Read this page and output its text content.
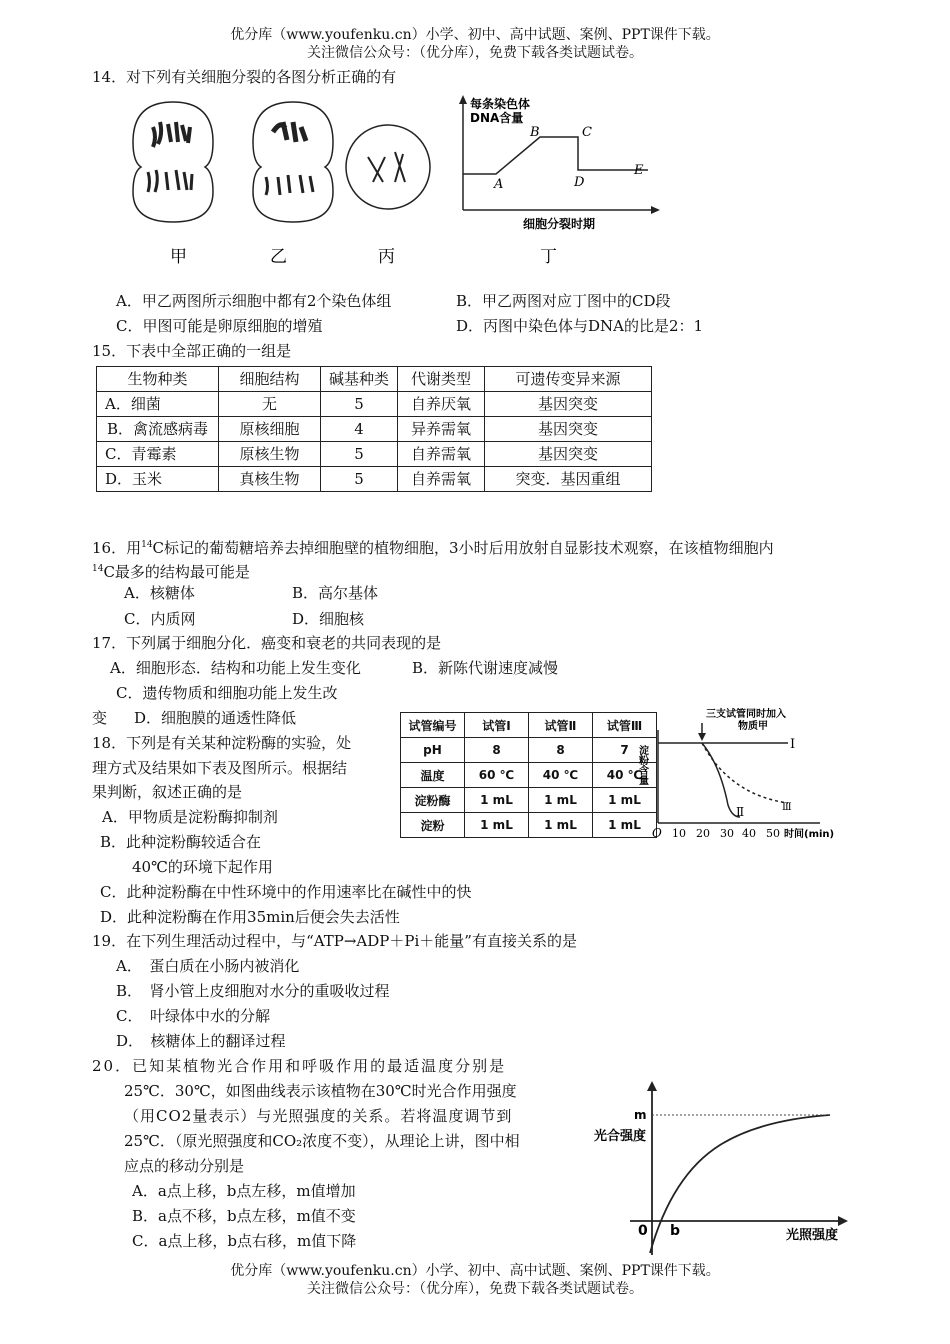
优分库（www.youfenku.cn）小学、初中、高中试题、案例、PPT课件下载。
关注微信公众号：（优分库），免费下载各类试题试卷。
14．对下列有关细胞分裂的各图分析正确的有
甲	乙	丙
每条染色体
DNA含量
细胞分裂时期
A
B	C
D
E
丁
A．甲乙两图所示细胞中都有2个染色体组	B．甲乙两图对应丁图中的CD段
C．甲图可能是卵原细胞的增殖	D．丙图中染色体与DNA的比是2：1
15．下表中全部正确的一组是
生物种类	细胞结构	碱基种类	代谢类型	可遗传变异来源
A．细菌	无	5	自养厌氧	基因突变
B．禽流感病毒	原核细胞	4	异养需氧	基因突变
C．青霉素	原核生物	5	自养需氧	基因突变
D．玉米	真核生物	5	自养需氧	突变．基因重组
16．用$^{14}$C标记的葡萄糖培养去掉细胞壁的植物细胞，3小时后用放射自显影技术观察，在该植物细胞内
$^{14}$C最多的结构最可能是
A．核糖体	B．高尔基体
C．内质网	D．细胞核
17．下列属于细胞分化．癌变和衰老的共同表现的是
A．细胞形态．结构和功能上发生变化	B．新陈代谢速度减慢
C．遗传物质和细胞功能上发生改
变 D．细胞膜的通透性降低
18．下列是有关某种淀粉酶的实验，处
理方式及结果如下表及图所示。根据结
果判断，叙述正确的是
A．甲物质是淀粉酶抑制剂
B．此种淀粉酶较适合在
40℃的环境下起作用
C．此种淀粉酶在中性环境中的作用速率比在碱性中的快
D．此种淀粉酶在作用35min后便会失去活性
试管编号	试管Ⅰ	试管Ⅱ	试管Ⅲ
pH	8	8	7
温度	60 ℃	40 ℃	40 ℃
淀粉酶	1 mL	1 mL	1 mL
淀粉	1 mL	1 mL	1 mL
三支试管同时加入
物质甲
淀粉含量
Ⅰ
Ⅱ	Ⅲ
O 10 20 30 40 50 时间(min)
19．在下列生理活动过程中，与“ATP→ADP＋Pi＋能量”有直接关系的是
A．　蛋白质在小肠内被消化
B．　肾小管上皮细胞对水分的重吸收过程
C．　叶绿体中水的分解
D．　核糖体上的翻译过程
20．已知某植物光合作用和呼吸作用的最适温度分别是
25℃．30℃，如图曲线表示该植物在30℃时光合作用强度
（用CO2量表示）与光照强度的关系。若将温度调节到
25℃．（原光照强度和CO₂浓度不变），从理论上讲，图中相
应点的移动分别是
A．a点上移，b点左移，m值增加
B．a点不移，b点左移，m值不变
C．a点上移，b点右移，m值下降
m
光合强度
0 b	光照强度
优分库（www.youfenku.cn）小学、初中、高中试题、案例、PPT课件下载。
关注微信公众号：（优分库），免费下载各类试题试卷。
